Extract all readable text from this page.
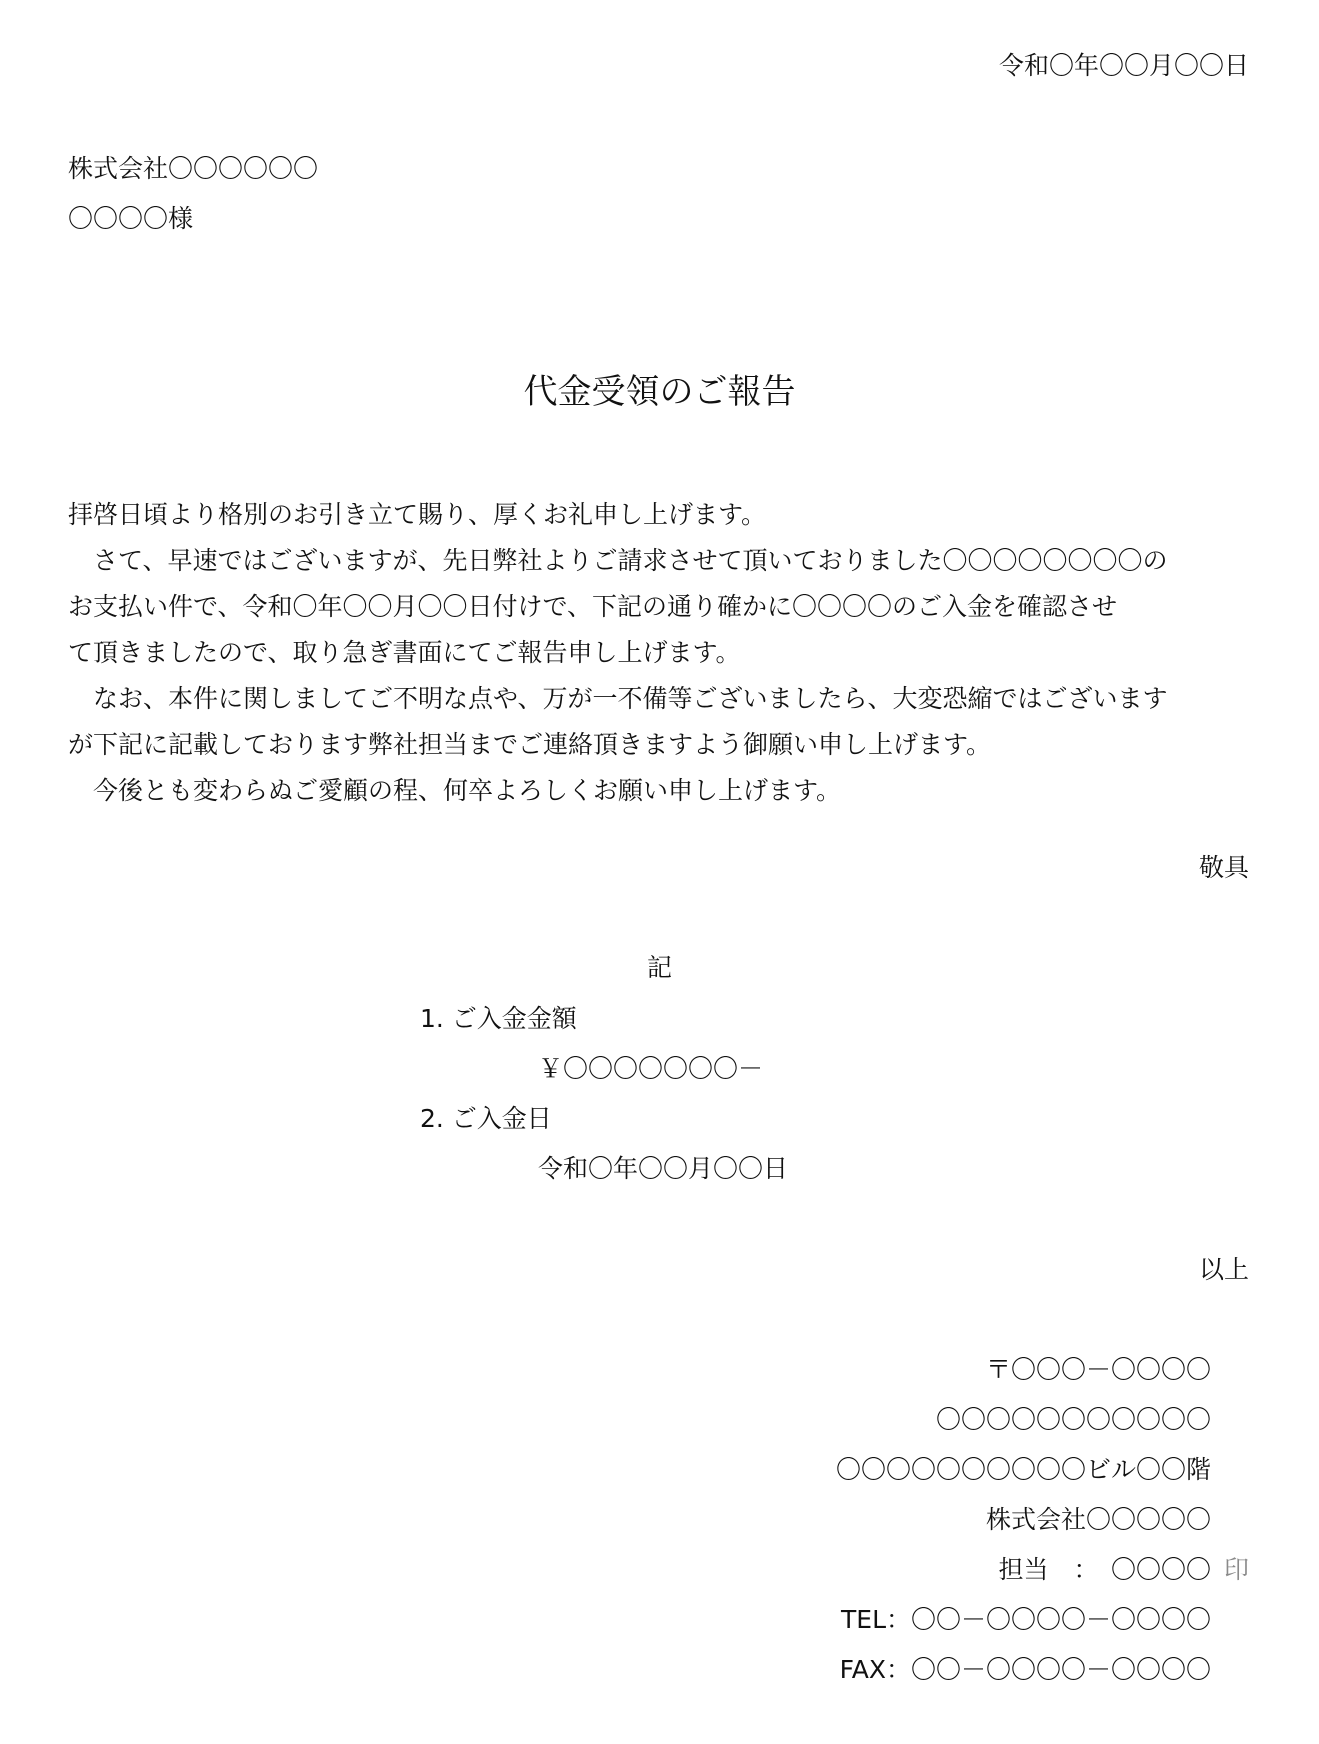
令和〇年〇〇月〇〇日
株式会社〇〇〇〇〇〇
〇〇〇〇様
代金受領のご報告
拝啓日頃より格別のお引き立て賜り、厚くお礼申し上げます。
　さて、早速ではございますが、先日弊社よりご請求させて頂いておりました〇〇〇〇〇〇〇〇の
お支払い件で、令和〇年〇〇月〇〇日付けで、下記の通り確かに〇〇〇〇のご入金を確認させ
て頂きましたので、取り急ぎ書面にてご報告申し上げます。
　なお、本件に関しましてご不明な点や、万が一不備等ございましたら、大変恐縮ではございます
が下記に記載しております弊社担当までご連絡頂きますよう御願い申し上げます。
　今後とも変わらぬご愛顧の程、何卒よろしくお願い申し上げます。
敬具
記
1. ご入金金額
￥〇〇〇〇〇〇〇－
2. ご入金日
令和〇年〇〇月〇〇日
以上
〒〇〇〇－〇〇〇〇
〇〇〇〇〇〇〇〇〇〇〇
〇〇〇〇〇〇〇〇〇〇ビル〇〇階
株式会社〇〇〇〇〇
担当　：　〇〇〇〇 印
TEL：〇〇－〇〇〇〇－〇〇〇〇
FAX：〇〇－〇〇〇〇－〇〇〇〇
